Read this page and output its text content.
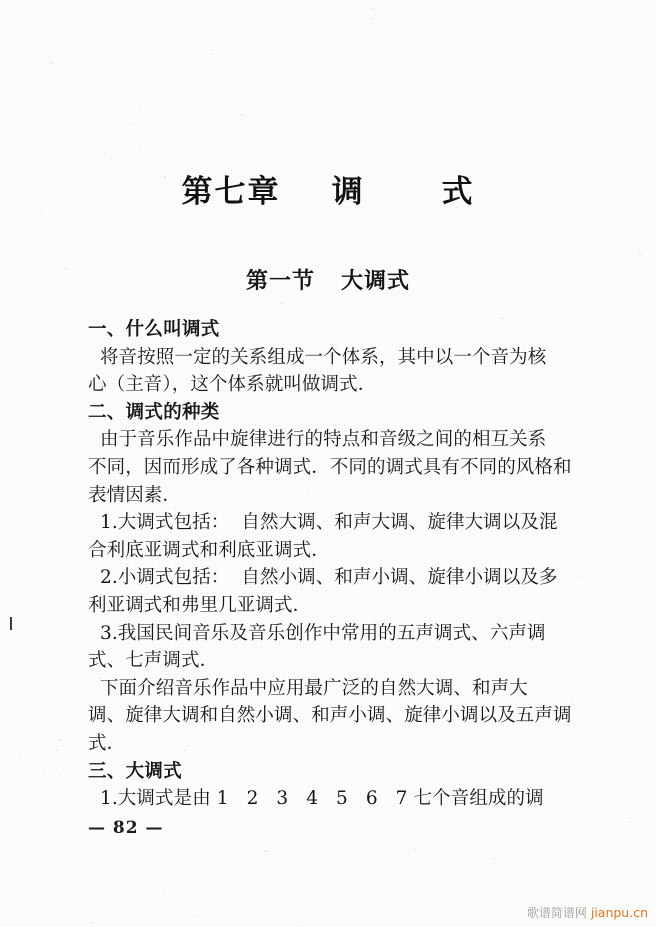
第七章    调      式
第一节   大调式
一、什么叫调式
将音按照一定的关系组成一个体系，其中以一个音为核
心（主音），这个体系就叫做调式．
二、调式的种类
由于音乐作品中旋律进行的特点和音级之间的相互关系
不同，因而形成了各种调式．不同的调式具有不同的风格和
表情因素．
1.大调式包括：  自然大调、和声大调、旋律大调以及混
合利底亚调式和利底亚调式．
2.小调式包括：  自然小调、和声小调、旋律小调以及多
利亚调式和弗里几亚调式．
3.我国民间音乐及音乐创作中常用的五声调式、六声调
式、七声调式．
下面介绍音乐作品中应用最广泛的自然大调、和声大
调、旋律大调和自然小调、和声小调、旋律小调以及五声调
式．
三、大调式
1.大调式是由 1   2   3   4   5   6   7 七个音组成的调
— 82 —
歌谱简谱网 jianpu.cn
